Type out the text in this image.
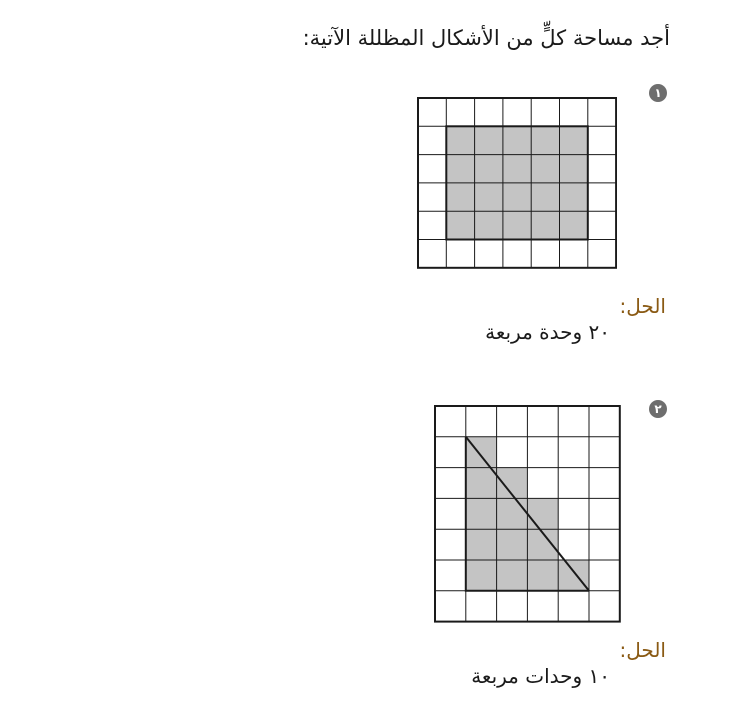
أجد مساحة كلٍّ من الأشكال المظللة الآتية:
١
الحل:
٢٠ وحدة مربعة
٢
الحل:
١٠ وحدات مربعة
